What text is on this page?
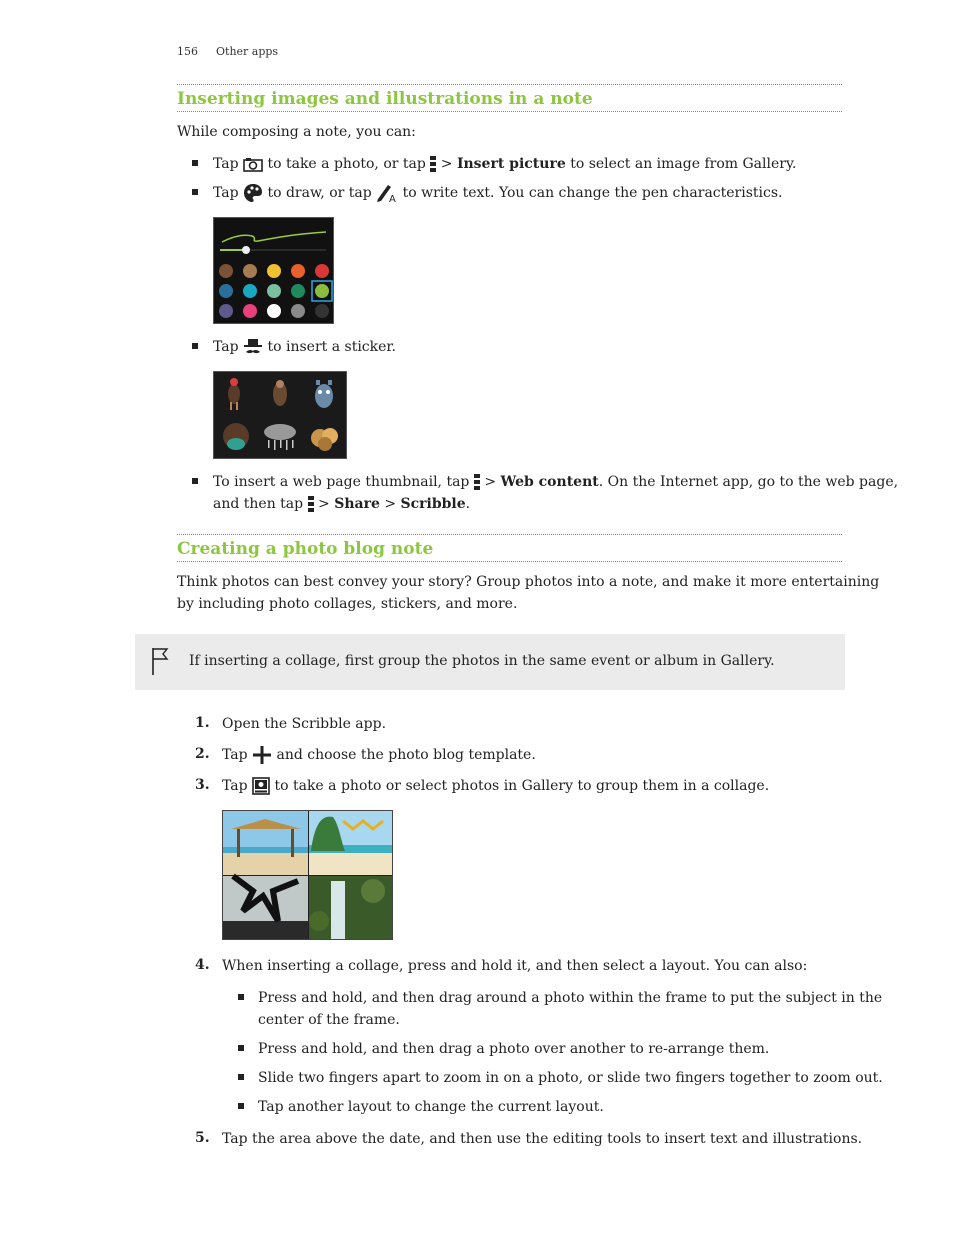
156 Other apps
Inserting images and illustrations in a note
While composing a note, you can:
Tap to take a photo, or tap > Insert picture to select an image from Gallery.
Tap to draw, or tap A to write text. You can change the pen characteristics.
Tap to insert a sticker.
To insert a web page thumbnail, tap > Web content. On the Internet app, go to the web page,
and then tap > Share > Scribble.
Creating a photo blog note
Think photos can best convey your story? Group photos into a note, and make it more entertaining
by including photo collages, stickers, and more.
If inserting a collage, first group the photos in the same event or album in Gallery.
1. Open the Scribble app.
2. Tap and choose the photo blog template.
3. Tap to take a photo or select photos in Gallery to group them in a collage.
4. When inserting a collage, press and hold it, and then select a layout. You can also:
Press and hold, and then drag around a photo within the frame to put the subject in the
center of the frame.
Press and hold, and then drag a photo over another to re-arrange them.
Slide two fingers apart to zoom in on a photo, or slide two fingers together to zoom out.
Tap another layout to change the current layout.
5. Tap the area above the date, and then use the editing tools to insert text and illustrations.
